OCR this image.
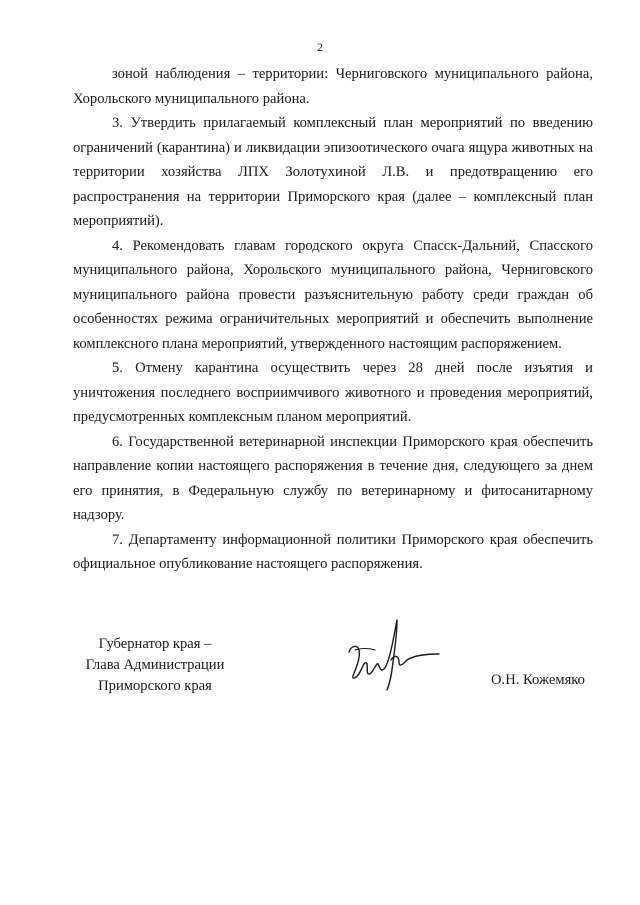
2

зоной наблюдения – территории: Черниговского муниципального района, Хорольского муниципального района.

3. Утвердить прилагаемый комплексный план мероприятий по введению ограничений (карантина) и ликвидации эпизоотического очага ящура животных на территории хозяйства ЛПХ Золотухиной Л.В. и предотвращению его распространения на территории Приморского края (далее – комплексный план мероприятий).

4. Рекомендовать главам городского округа Спасск-Дальний, Спасского муниципального района, Хорольского муниципального района, Черниговского муниципального района провести разъяснительную работу среди граждан об особенностях режима ограничительных мероприятий и обеспечить выполнение комплексного плана мероприятий, утвержденного настоящим распоряжением.

5. Отмену карантина осуществить через 28 дней после изъятия и уничтожения последнего восприимчивого животного и проведения мероприятий, предусмотренных комплексным планом мероприятий.

6. Государственной ветеринарной инспекции Приморского края обеспечить направление копии настоящего распоряжения в течение дня, следующего за днем его принятия, в Федеральную службу по ветеринарному и фитосанитарному надзору.

7. Департаменту информационной политики Приморского края обеспечить официальное опубликование настоящего распоряжения.

Губернатор края –
Глава Администрации
Приморского края	О.Н. Кожемяко
